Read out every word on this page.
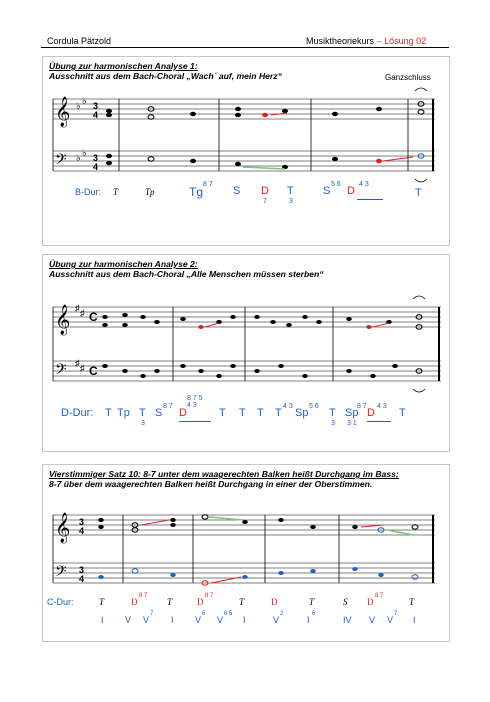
Cordula Pätzold	Musiktheoriekurs – Lösung 02
Übung zur harmonischen Analyse 1:
Ausschnitt aus dem Bach-Choral „Wach´ auf, mein Herz“	Ganzschluss
𝄞
𝄢
♭ ♭
♭ ♭
3
4
3
4
B-Dur: T	Tp	Tg
8 7
S D
7
T
3
S
5 6
D
4 3
T
Übung zur harmonischen Analyse 2:
Ausschnitt aus dem Bach-Choral „Alle Menschen müssen sterben“
𝄞
𝄢
♯ ♯
♯ ♯
C
C
D-Dur: T Tp T
3
S
8 7
D
8 7 5 4 3
T T T T
4 3
Sp
5 6
T
3
Sp
8 7
3 1
D
4 3
T
Vierstimmiger Satz 10: 8-7 unter dem waagerechten Balken heißt Durchgang im Bass;
8-7 über dem waagerechten Balken heißt Durchgang in einer der Oberstimmen.
𝄞
𝄢
3
4
3
4
C-Dur:	T	D
8 7
T	D
8 7
T	D	T	S D
8 7
T
I V V
7
I V
6
V
6 5
I	V
2
I
6
IV V V
7
I
